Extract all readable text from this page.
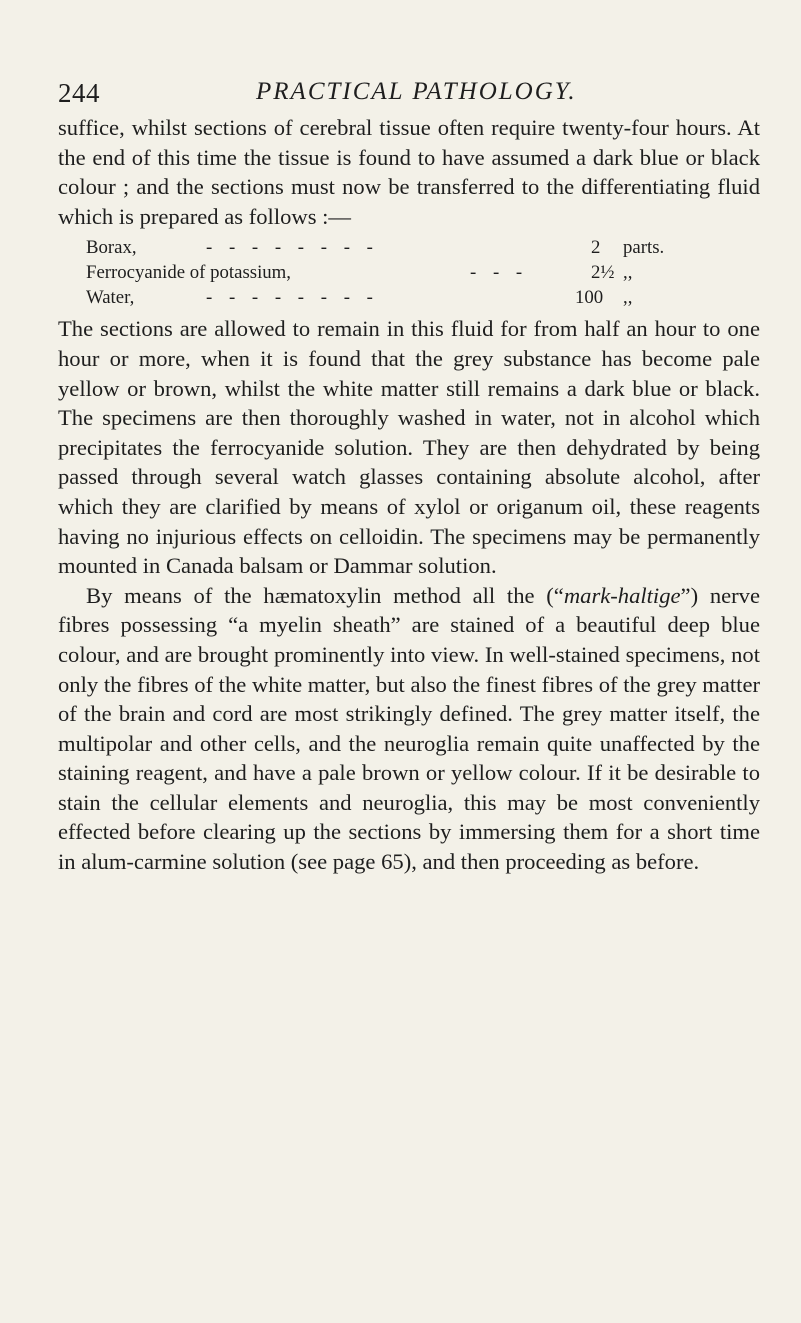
244	PRACTICAL PATHOLOGY.

suffice, whilst sections of cerebral tissue often require twenty-four hours. At the end of this time the tissue is found to have assumed a dark blue or black colour ; and the sections must now be transferred to the differentiating fluid which is prepared as follows :—

Borax,	- - - - - - - -	2 parts.
Ferrocyanide of potassium,	- - -	2½ ,,
Water,	- - - - - - - -	100 ,,

The sections are allowed to remain in this fluid for from half an hour to one hour or more, when it is found that the grey substance has become pale yellow or brown, whilst the white matter still remains a dark blue or black. The specimens are then thoroughly washed in water, not in alcohol which precipitates the ferrocyanide solution. They are then dehydrated by being passed through several watch glasses containing absolute alcohol, after which they are clarified by means of xylol or origanum oil, these reagents having no injurious effects on celloidin. The specimens may be permanently mounted in Canada balsam or Dammar solution.

By means of the hæmatoxylin method all the (“mark-haltige”) nerve fibres possessing “a myelin sheath” are stained of a beautiful deep blue colour, and are brought prominently into view. In well-stained specimens, not only the fibres of the white matter, but also the finest fibres of the grey matter of the brain and cord are most strikingly defined. The grey matter itself, the multipolar and other cells, and the neuroglia remain quite unaffected by the staining reagent, and have a pale brown or yellow colour. If it be desirable to stain the cellular elements and neuroglia, this may be most conveniently effected before clearing up the sections by immersing them for a short time in alum-carmine solution (see page 65), and then proceeding as before.
